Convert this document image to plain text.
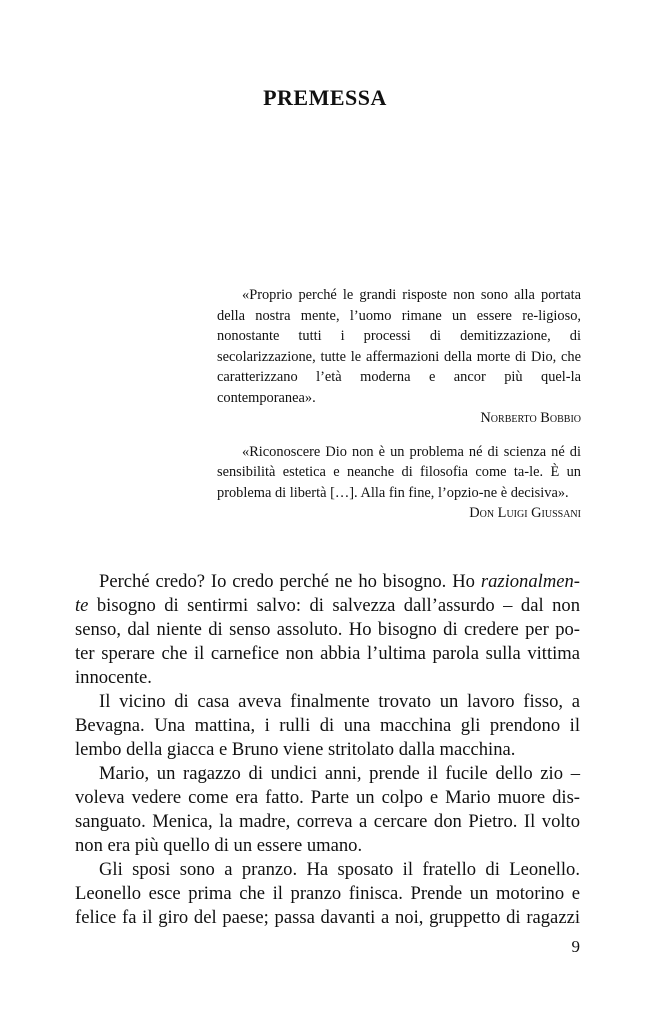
PREMESSA

«Proprio perché le grandi risposte non sono alla portata della nostra mente, l’uomo rimane un essere re-ligioso, nonostante tutti i processi di demitizzazione, di secolarizzazione, tutte le affermazioni della morte di Dio, che caratterizzano l’età moderna e ancor più quel-la contemporanea».

Norberto Bobbio

«Riconoscere Dio non è un problema né di scienza né di sensibilità estetica e neanche di filosofia come ta-le. È un problema di libertà […]. Alla fin fine, l’opzio-ne è decisiva».

Don Luigi Giussani

Perché credo? Io credo perché ne ho bisogno. Ho razionalmen-te bisogno di sentirmi salvo: di salvezza dall’assurdo – dal non senso, dal niente di senso assoluto. Ho bisogno di credere per po-ter sperare che il carnefice non abbia l’ultima parola sulla vittima innocente.

Il vicino di casa aveva finalmente trovato un lavoro fisso, a Bevagna. Una mattina, i rulli di una macchina gli prendono il lembo della giacca e Bruno viene stritolato dalla macchina.

Mario, un ragazzo di undici anni, prende il fucile dello zio – voleva vedere come era fatto. Parte un colpo e Mario muore dis-sanguato. Menica, la madre, correva a cercare don Pietro. Il volto non era più quello di un essere umano.

Gli sposi sono a pranzo. Ha sposato il fratello di Leonello. Leonello esce prima che il pranzo finisca. Prende un motorino e felice fa il giro del paese; passa davanti a noi, gruppetto di ragazzi

9
